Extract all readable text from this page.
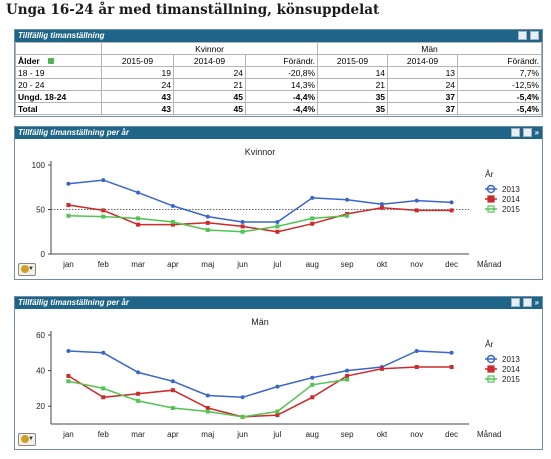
Unga 16-24 år med timanställning, könsuppdelat
Tillfällig timanställning
	Kvinnor			Män		
Ålder	2015-09	2014-09	Förändr.	2015-09	2014-09	Förändr.
18 - 19	19	24	-20,8%	14	13	7,7%
20 - 24	24	21	14,3%	21	24	-12,5%
Ungd. 18-24	43	45	-4,4%	35	37	-5,4%
Total	43	45	-4,4%	35	37	-5,4%
Tillfällig timanställning per år	»
Kvinnor
0
50
100
jan	feb	mar	apr	maj	jun	jul	aug	sep	okt	nov	dec Månad
År
2013
2014
2015
▼
Tillfällig timanställning per år	»
Män
20
40
60
jan	feb	mar	apr	maj	jun	jul	aug	sep	okt	nov	dec Månad
År
2013
2014
2015
▼
